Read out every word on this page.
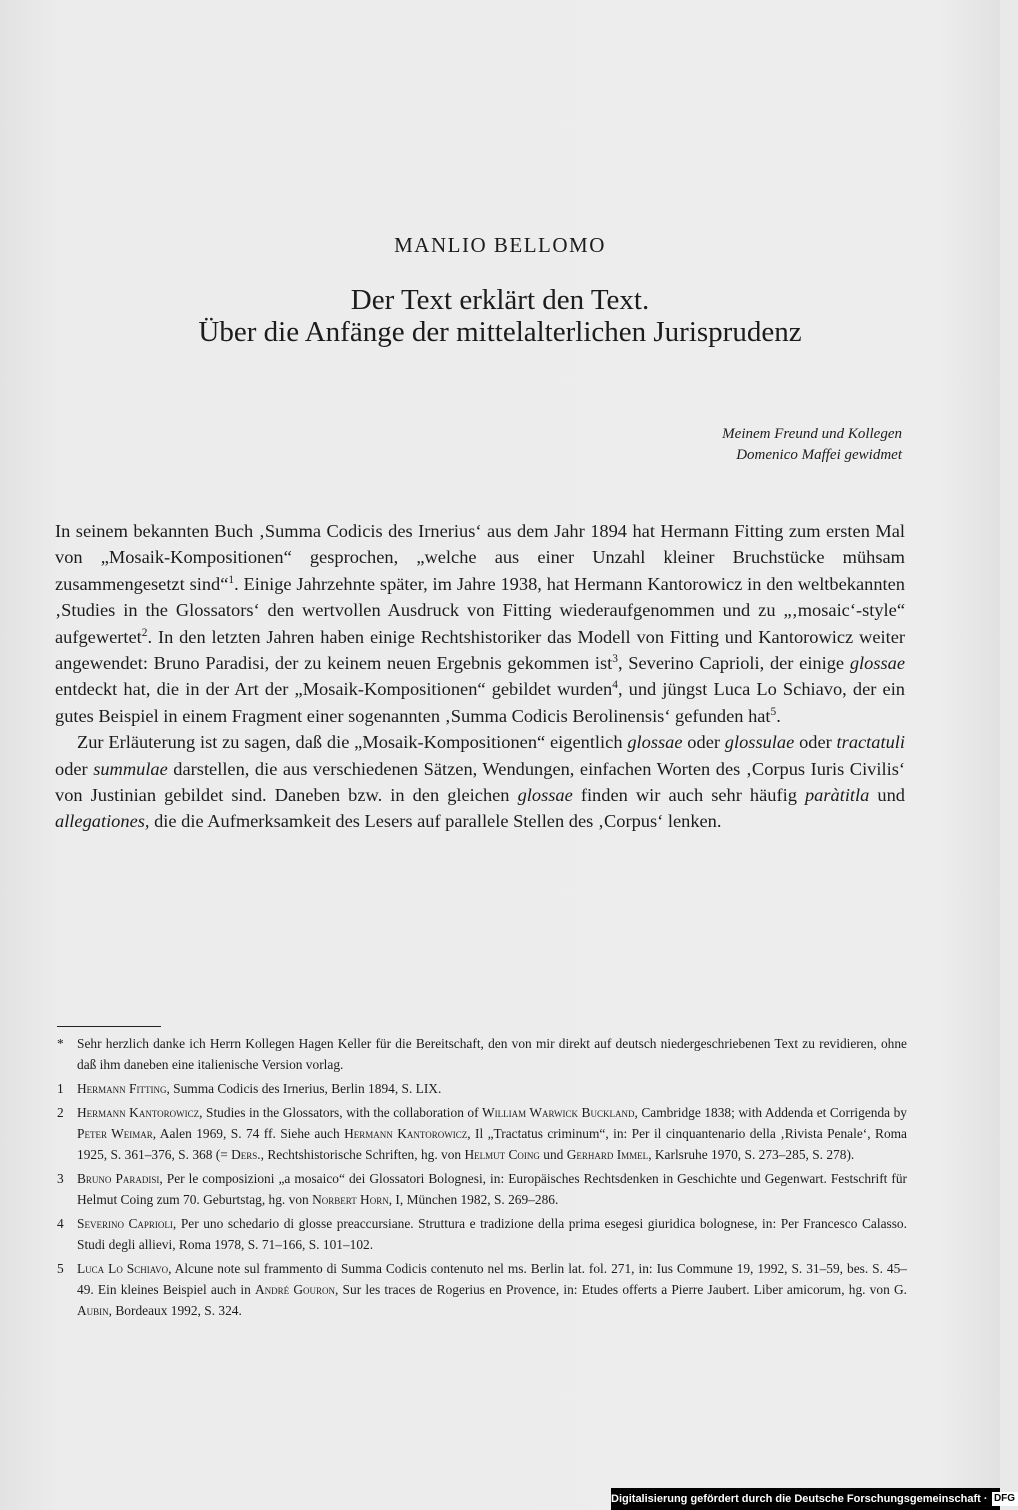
MANLIO BELLOMO
Der Text erklärt den Text.
Über die Anfänge der mittelalterlichen Jurisprudenz
Meinem Freund und Kollegen
Domenico Maffei gewidmet

In seinem bekannten Buch ‚Summa Codicis des Irnerius‘ aus dem Jahr 1894 hat Hermann Fitting zum ersten Mal von „Mosaik-Kompositionen“ gesprochen, „welche aus einer Unzahl kleiner Bruchstücke mühsam zusammengesetzt sind“$^1$. Einige Jahrzehnte später, im Jahre 1938, hat Hermann Kantorowicz in den weltbekannten ‚Studies in the Glossators‘ den wertvollen Ausdruck von Fitting wiederaufgenommen und zu „‚mosaic‘-style“ aufgewertet$^2$. In den letzten Jahren haben einige Rechtshistoriker das Modell von Fitting und Kantorowicz weiter angewendet: Bruno Paradisi, der zu keinem neuen Ergebnis gekommen ist$^3$, Severino Caprioli, der einige glossae entdeckt hat, die in der Art der „Mosaik-Kompositionen“ gebildet wurden$^4$, und jüngst Luca Lo Schiavo, der ein gutes Beispiel in einem Fragment einer sogenannten ‚Summa Codicis Berolinensis‘ gefunden hat$^5$.

Zur Erläuterung ist zu sagen, daß die „Mosaik-Kompositionen“ eigentlich glossae oder glossulae oder tractatuli oder summulae darstellen, die aus verschiedenen Sätzen, Wendungen, einfachen Worten des ‚Corpus Iuris Civilis‘ von Justinian gebildet sind. Daneben bzw. in den gleichen glossae finden wir auch sehr häufig paràtitla und allegationes, die die Aufmerksamkeit des Lesers auf parallele Stellen des ‚Corpus‘ lenken.

* Sehr herzlich danke ich Herrn Kollegen Hagen Keller für die Bereitschaft, den von mir direkt auf deutsch niedergeschriebenen Text zu revidieren, ohne daß ihm daneben eine italienische Version vorlag.
1 Hermann Fitting, Summa Codicis des Irnerius, Berlin 1894, S. LIX.
2 Hermann Kantorowicz, Studies in the Glossators, with the collaboration of William Warwick Buckland, Cambridge 1838; with Addenda et Corrigenda by Peter Weimar, Aalen 1969, S. 74 ff. Siehe auch Hermann Kantorowicz, Il „Tractatus criminum“, in: Per il cinquantenario della ‚Rivista Penale‘, Roma 1925, S. 361–376, S. 368 (= Ders., Rechtshistorische Schriften, hg. von Helmut Coing und Gerhard Immel, Karlsruhe 1970, S. 273–285, S. 278).
3 Bruno Paradisi, Per le composizioni „a mosaico“ dei Glossatori Bolognesi, in: Europäisches Rechtsdenken in Geschichte und Gegenwart. Festschrift für Helmut Coing zum 70. Geburtstag, hg. von Norbert Horn, I, München 1982, S. 269–286.
4 Severino Caprioli, Per uno schedario di glosse preaccursiane. Struttura e tradizione della prima esegesi giuridica bolognese, in: Per Francesco Calasso. Studi degli allievi, Roma 1978, S. 71–166, S. 101–102.
5 Luca Lo Schiavo, Alcune note sul frammento di Summa Codicis contenuto nel ms. Berlin lat. fol. 271, in: Ius Commune 19, 1992, S. 31–59, bes. S. 45–49. Ein kleines Beispiel auch in André Gouron, Sur les traces de Rogerius en Provence, in: Etudes offerts a Pierre Jaubert. Liber amicorum, hg. von G. Aubin, Bordeaux 1992, S. 324.
Digitalisierung gefördert durch die Deutsche Forschungsgemeinschaft · DFG
